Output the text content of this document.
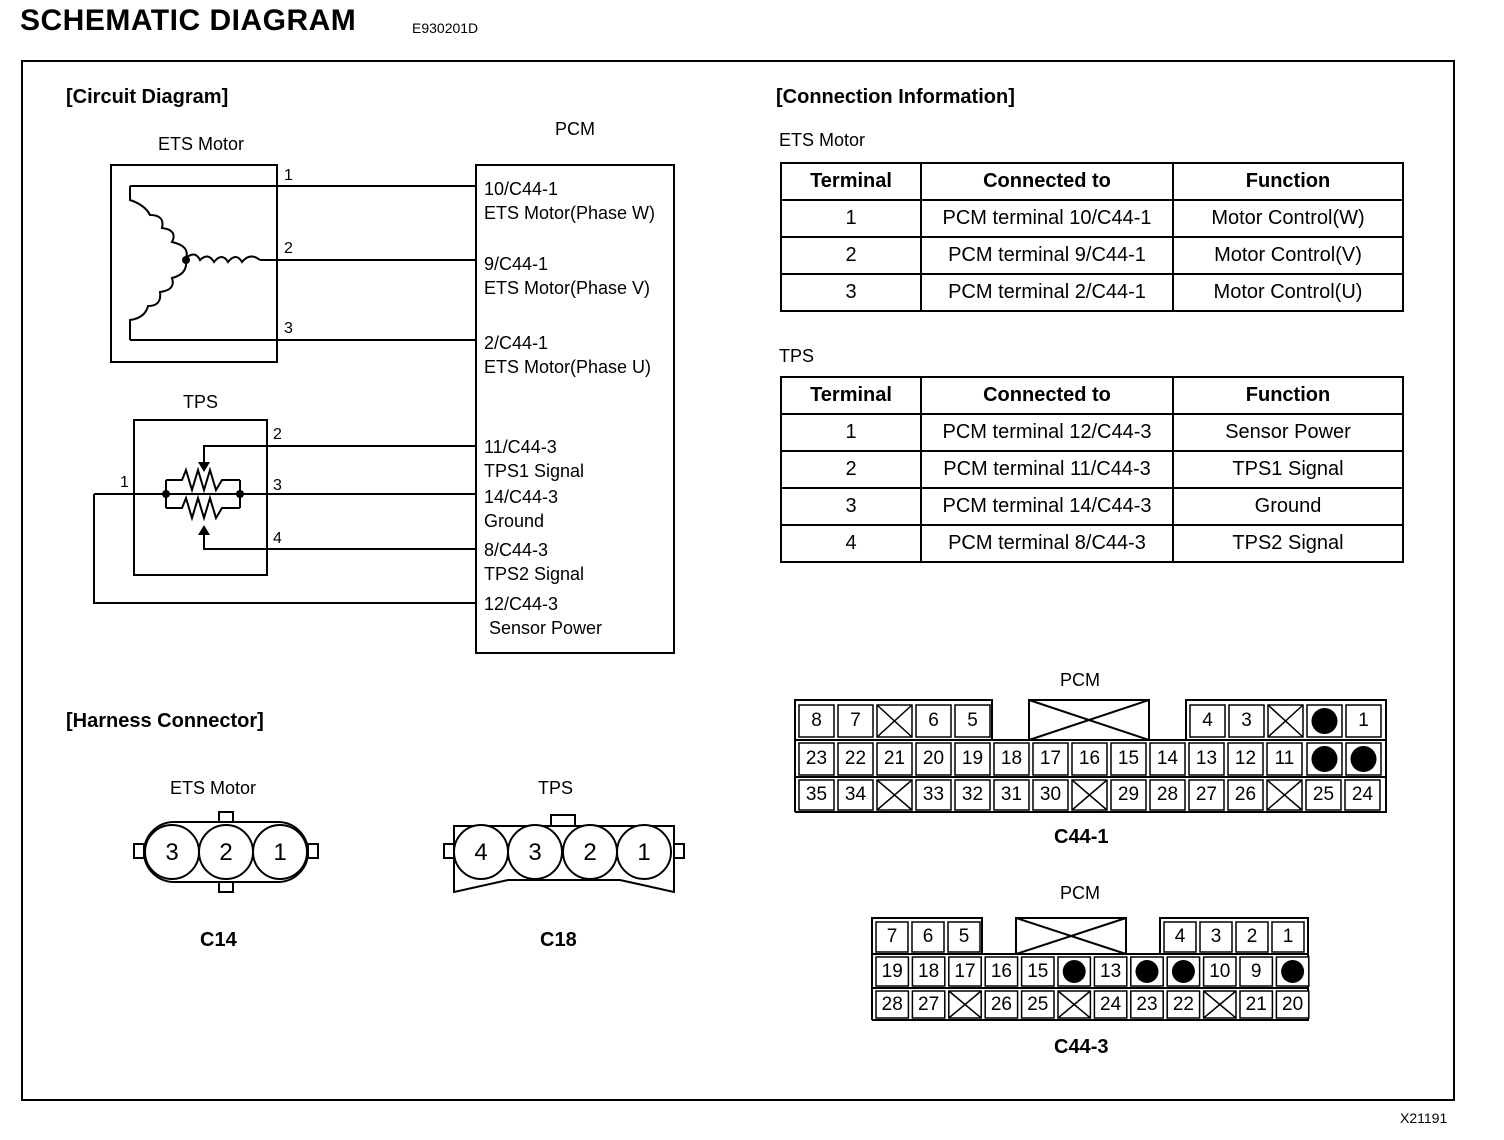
SCHEMATIC DIAGRAM	E930201D
X21191
[Circuit Diagram]
ETS Motor
PCM
TPS
1
2
3
1
2
3
4
10/C44-1
ETS Motor(Phase W)
9/C44-1
ETS Motor(Phase V)
2/C44-1
ETS Motor(Phase U)
11/C44-3
TPS1 Signal
14/C44-3
Ground
8/C44-3
TPS2 Signal
12/C44-3
Sensor Power
[Connection Information]
ETS Motor
Terminal	Connected to	Function
1	PCM terminal 10/C44-1	Motor Control(W)
2	PCM terminal 9/C44-1	Motor Control(V)
3	PCM terminal 2/C44-1	Motor Control(U)
TPS
Terminal	Connected to	Function
1	PCM terminal 12/C44-3	Sensor Power
2	PCM terminal 11/C44-3	TPS1 Signal
3	PCM terminal 14/C44-3	Ground
4	PCM terminal 8/C44-3	TPS2 Signal
[Harness Connector]
ETS Motor	TPS
3 2 1	4 3 2 1
C14	C18
PCM
C44-1
PCM
C44-3
8	7	6	5	4	3	1
23 22 21 20 19 18 17 16 15 14 13 12 11
35 34	33 32 31 30	29 28 27 26	25 24
7	6	5	4	3	2	1
19 18 17 16 15	13	10	9
28 27	26 25	24 23 22	21 20
